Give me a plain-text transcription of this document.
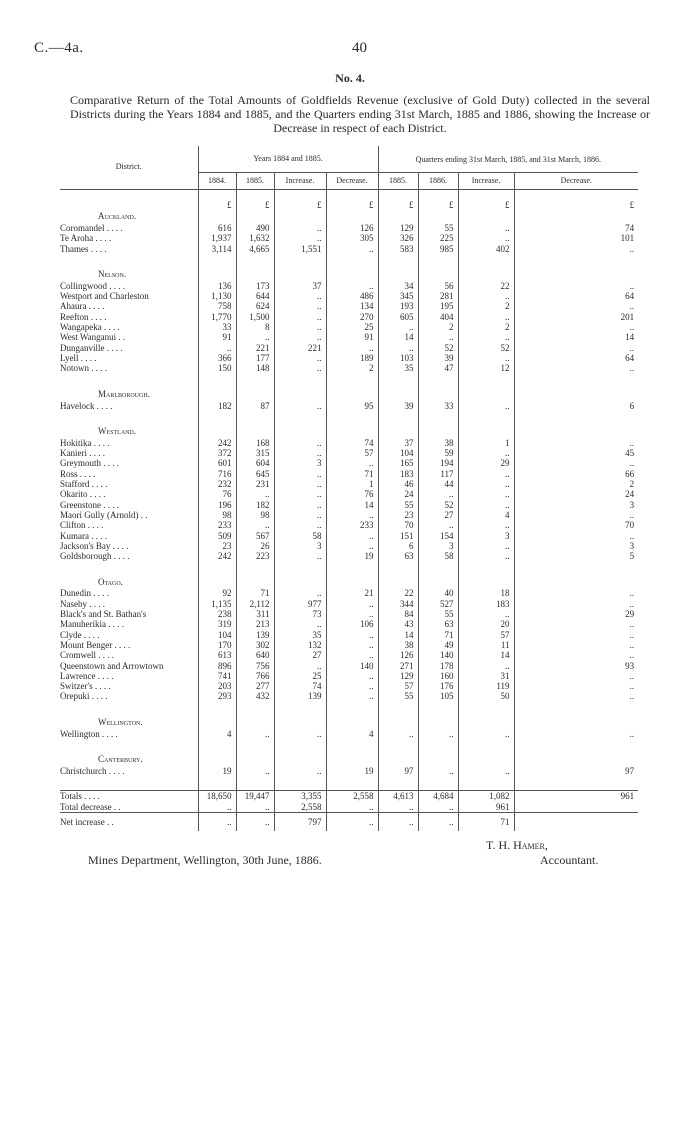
C.—4a.	40
No. 4.
Comparative Return of the Total Amounts of Goldfields Revenue (exclusive of Gold Duty) collected in the several Districts during the Years 1884 and 1885, and the Quarters ending 31st March, 1885 and 1886, showing the Increase or Decrease in respect of each District.
District.	Years 1884 and 1885.				Quarters ending 31st March, 1885, and 31st March, 1886.			
	1884.	1885.	Increase.	Decrease.	1885.	1886.	Increase.	Decrease.
	£	£	£	£	£	£	£	£
Auckland.								
Coromandel . . . .	616	490	..	126	129	55	..	74
Te Aroha . . . .	1,937	1,632	..	305	326	225	..	101
Thames . . . .	3,114	4,665	1,551	..	583	985	402	..

Nelson.								
Collingwood . . . .	136	173	37	..	34	56	22	..
Westport and Charleston	1,130	644	..	486	345	281	..	64
Ahaura . . . .	758	624	..	134	193	195	2	..
Reefton . . . .	1,770	1,500	..	270	605	404	..	201
Wangapeka . . . .	33	8	..	25	..	2	2	..
West Wanganui . .	91	..	..	91	14	..	..	14
Dunganville . . . .	..	221	221	..	..	52	52	..
Lyell . . . .	366	177	..	189	103	39	..	64
Notown . . . .	150	148	..	2	35	47	12	..

Marlborough.								
Havelock . . . .	182	87	..	95	39	33	..	6

Westland.								
Hokitika . . . .	242	168	..	74	37	38	1	..
Kanieri . . . .	372	315	..	57	104	59	..	45
Greymouth . . . .	601	604	3	..	165	194	29	..
Ross . . . .	716	645	..	71	183	117	..	66
Stafford . . . .	232	231	..	1	46	44	..	2
Okarito . . . .	76	..	..	76	24	..	..	24
Greenstone . . . .	196	182	..	14	55	52	..	3
Maori Gully (Arnold) . .	98	98	..	..	23	27	4	..
Clifton . . . .	233	..	..	233	70	..	..	70
Kumara . . . .	509	567	58	..	151	154	3	..
Jackson's Bay . . . .	23	26	3	..	6	3	..	3
Goldsborough . . . .	242	223	..	19	63	58	..	5

Otago.								
Dunedin . . . .	92	71	..	21	22	40	18	..
Naseby . . . .	1,135	2,112	977	..	344	527	183	..
Black's and St. Bathan's	238	311	73	..	84	55	..	29
Manuherikia . . . .	319	213	..	106	43	63	20	..
Clyde . . . .	104	139	35	..	14	71	57	..
Mount Benger . . . .	170	302	132	..	38	49	11	..
Cromwell . . . .	613	640	27	..	126	140	14	..
Queenstown and Arrowtown	896	756	..	140	271	178	..	93
Lawrence . . . .	741	766	25	..	129	160	31	..
Switzer's . . . .	203	277	74	..	57	176	119	..
Orepuki . . . .	293	432	139	..	55	105	50	..

Wellington.								
Wellington . . . .	4	..	..	4	..	..	..	..

Canterbury.								
Christchurch . . . .	19	..	..	19	97	..	..	97

Totals . . . .	18,650	19,447	3,355	2,558	4,613	4,684	1,082	961
Total decrease . .	..	..	2,558	..	..	..	961	
Net increase . .	..	..	797	..	..	..	71	
Mines Department, Wellington, 30th June, 1886.
T. H. Hamer,
Accountant.
